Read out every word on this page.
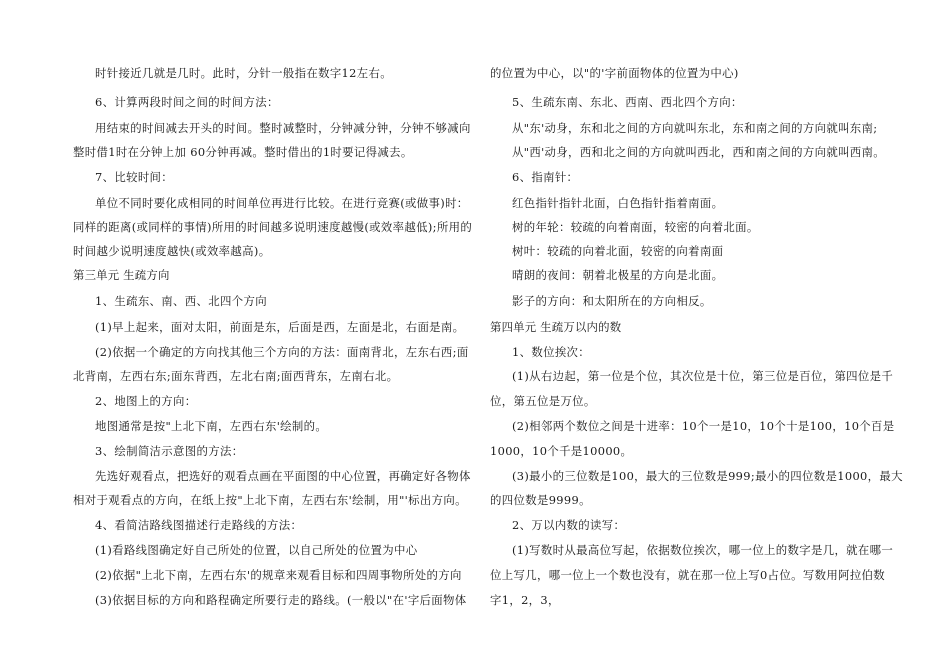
时针接近几就是几时。此时，分针一般指在数字12左右。
6、计算两段时间之间的时间方法：
用结束的时间减去开头的时间。整时减整时，分钟减分钟，分钟不够减向
整时借1时在分钟上加 60分钟再减。整时借出的1时要记得减去。
7、比较时间：
单位不同时要化成相同的时间单位再进行比较。在进行竞赛(或做事)时：
同样的距离(或同样的事情)所用的时间越多说明速度越慢(或效率越低);所用的
时间越少说明速度越快(或效率越高)。
第三单元 生疏方向
1、生疏东、南、西、北四个方向
(1)早上起来，面对太阳，前面是东，后面是西，左面是北，右面是南。
(2)依据一个确定的方向找其他三个方向的方法：面南背北，左东右西;面
北背南，左西右东;面东背西，左北右南;面西背东，左南右北。
2、地图上的方向：
地图通常是按"上北下南，左西右东'绘制的。
3、绘制简洁示意图的方法：
先选好观看点，把选好的观看点画在平面图的中心位置，再确定好各物体
相对于观看点的方向，在纸上按"上北下南，左西右东'绘制，用"'标出方向。
4、看简洁路线图描述行走路线的方法：
(1)看路线图确定好自己所处的位置，以自己所处的位置为中心
(2)依据"上北下南，左西右东'的规章来观看目标和四周事物所处的方向
(3)依据目标的方向和路程确定所要行走的路线。(一般以"在'字后面物体
的位置为中心，以"的'字前面物体的位置为中心)
5、生疏东南、东北、西南、西北四个方向：
从"东'动身，东和北之间的方向就叫东北，东和南之间的方向就叫东南;
从"西'动身，西和北之间的方向就叫西北，西和南之间的方向就叫西南。
6、指南针：
红色指针指针北面，白色指针指着南面。
树的年轮：较疏的向着南面，较密的向着北面。
树叶：较疏的向着北面，较密的向着南面
晴朗的夜间：朝着北极星的方向是北面。
影子的方向：和太阳所在的方向相反。
第四单元 生疏万以内的数
1、数位挨次：
(1)从右边起，第一位是个位，其次位是十位，第三位是百位，第四位是千
位，第五位是万位。
(2)相邻两个数位之间是十进率：10个一是10，10个十是100，10个百是
1000，10个千是10000。
(3)最小的三位数是100，最大的三位数是999;最小的四位数是1000，最大
的四位数是9999。
2、万以内数的读写：
(1)写数时从最高位写起，依据数位挨次，哪一位上的数字是几，就在哪一
位上写几，哪一位上一个数也没有，就在那一位上写0占位。写数用阿拉伯数
字1，2，3，
